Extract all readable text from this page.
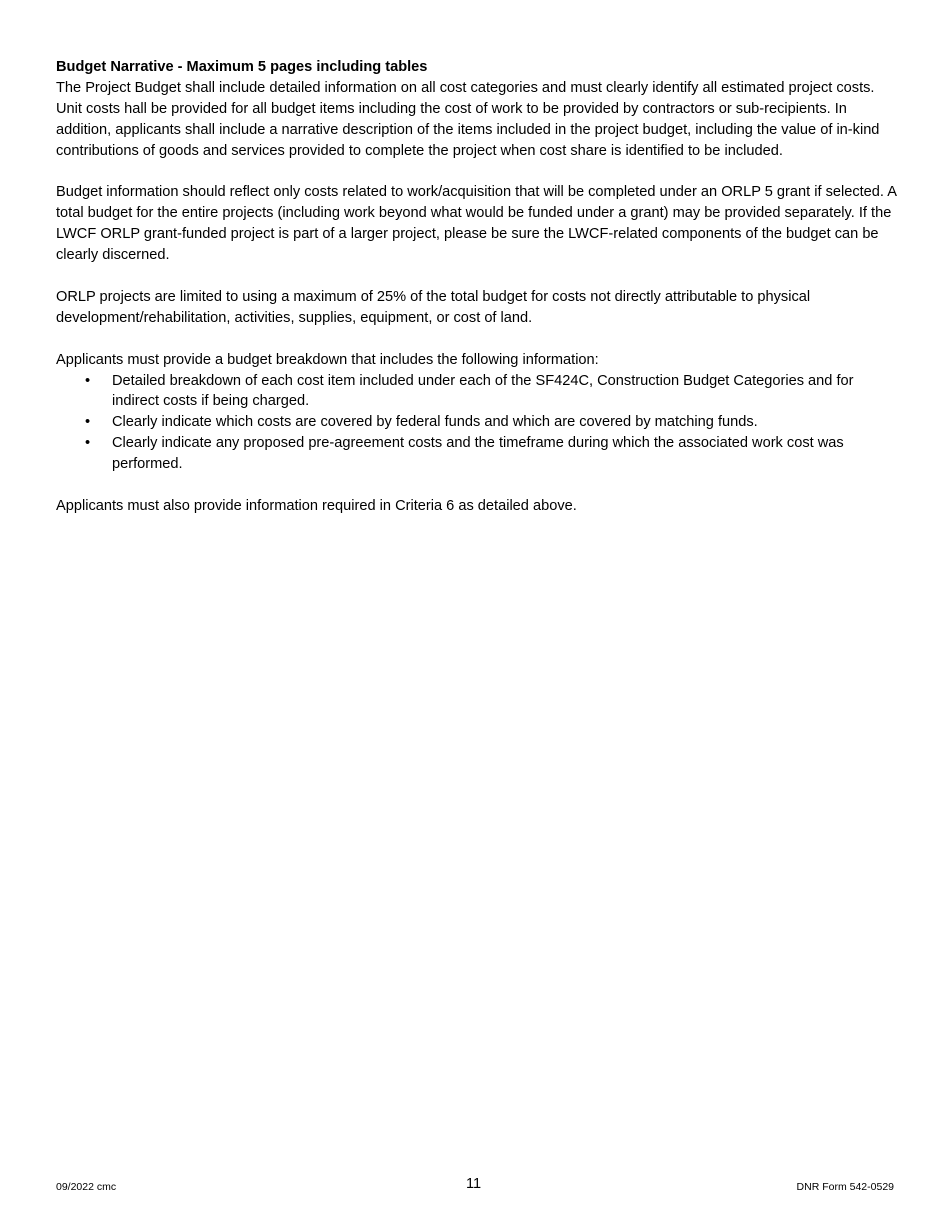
Budget Narrative - Maximum 5 pages including tables

The Project Budget shall include detailed information on all cost categories and must clearly identify all estimated project costs. Unit costs hall be provided for all budget items including the cost of work to be provided by contractors or sub-recipients. In addition, applicants shall include a narrative description of the items included in the project budget, including the value of in-kind contributions of goods and services provided to complete the project when cost share is identified to be included.

Budget information should reflect only costs related to work/acquisition that will be completed under an ORLP 5 grant if selected. A total budget for the entire projects (including work beyond what would be funded under a grant) may be provided separately. If the LWCF ORLP grant-funded project is part of a larger project, please be sure the LWCF-related components of the budget can be clearly discerned.

ORLP projects are limited to using a maximum of 25% of the total budget for costs not directly attributable to physical development/rehabilitation, activities, supplies, equipment, or cost of land.

Applicants must provide a budget breakdown that includes the following information:

• Detailed breakdown of each cost item included under each of the SF424C, Construction Budget Categories and for indirect costs if being charged.
• Clearly indicate which costs are covered by federal funds and which are covered by matching funds.
• Clearly indicate any proposed pre-agreement costs and the timeframe during which the associated work cost was performed.

Applicants must also provide information required in Criteria 6 as detailed above.

09/2022 cmc	11	DNR Form 542-0529
